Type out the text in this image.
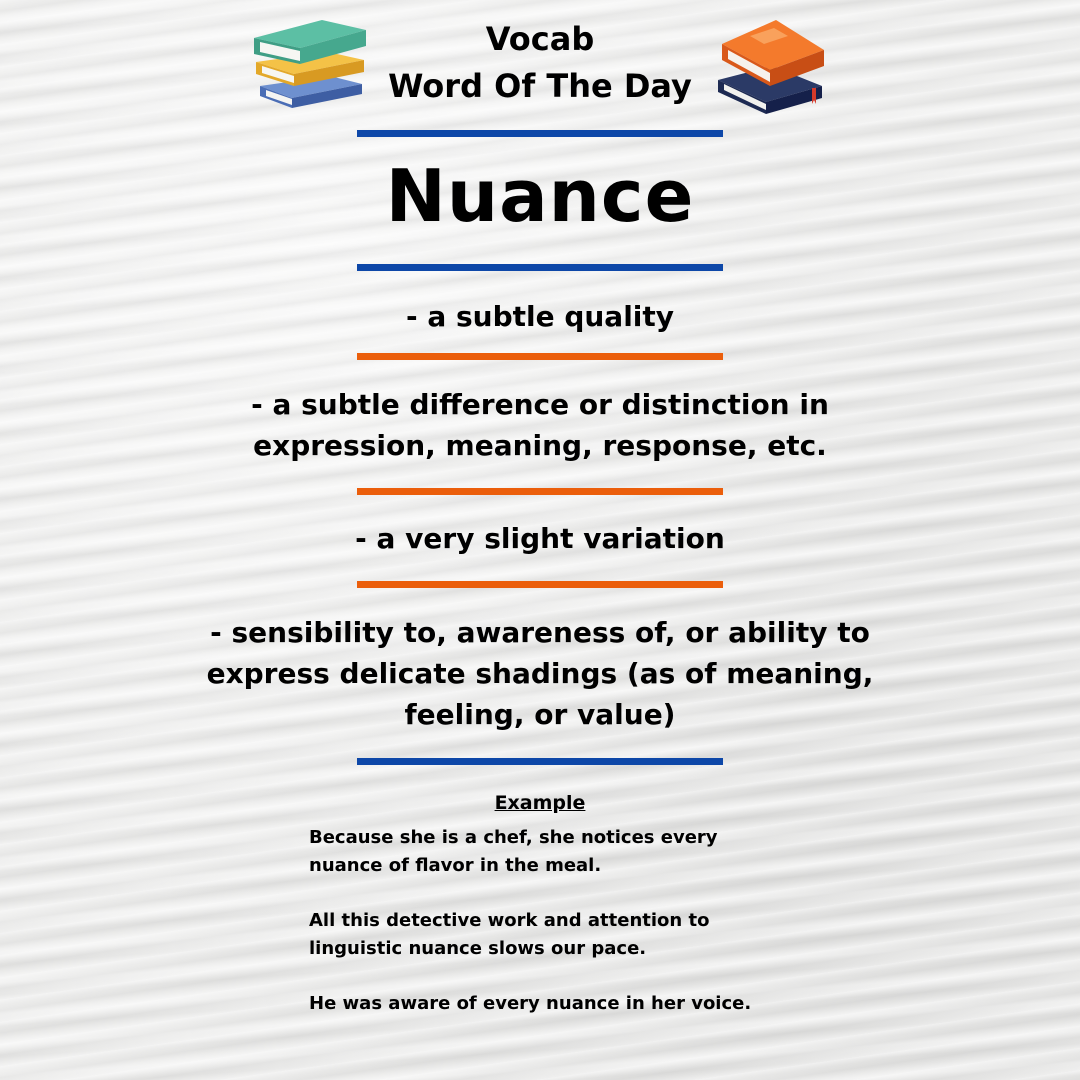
Vocab
Word Of The Day
Nuance
- a subtle quality
- a subtle difference or distinction in expression, meaning, response, etc.
- a very slight variation
- sensibility to, awareness of, or ability to express delicate shadings (as of meaning, feeling, or value)
Example
Because she is a chef, she notices every nuance of flavor in the meal.
All this detective work and attention to linguistic nuance slows our pace.
He was aware of every nuance in her voice.
